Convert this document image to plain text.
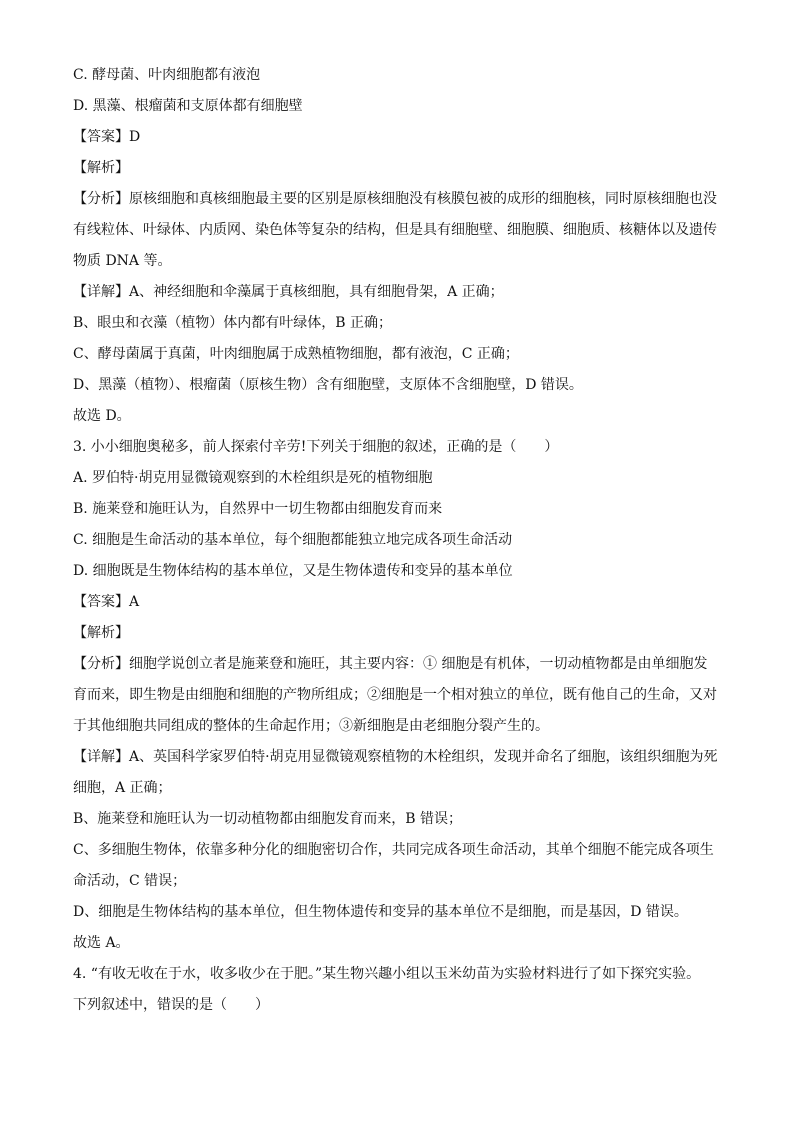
C. 酵母菌、叶肉细胞都有液泡
D. 黑藻、根瘤菌和支原体都有细胞壁
【答案】D
【解析】
【分析】原核细胞和真核细胞最主要的区别是原核细胞没有核膜包被的成形的细胞核，同时原核细胞也没
有线粒体、叶绿体、内质网、染色体等复杂的结构，但是具有细胞壁、细胞膜、细胞质、核糖体以及遗传
物质 DNA 等。
【详解】A、神经细胞和伞藻属于真核细胞，具有细胞骨架，A 正确；
B、眼虫和衣藻（植物）体内都有叶绿体，B 正确；
C、酵母菌属于真菌，叶肉细胞属于成熟植物细胞，都有液泡，C 正确；
D、黑藻（植物）、根瘤菌（原核生物）含有细胞壁，支原体不含细胞壁，D 错误。
故选 D。
3. 小小细胞奥秘多，前人探索付辛劳!下列关于细胞的叙述，正确的是（　　）
A. 罗伯特·胡克用显微镜观察到的木栓组织是死的植物细胞
B. 施莱登和施旺认为，自然界中一切生物都由细胞发育而来
C. 细胞是生命活动的基本单位，每个细胞都能独立地完成各项生命活动
D. 细胞既是生物体结构的基本单位，又是生物体遗传和变异的基本单位
【答案】A
【解析】
【分析】细胞学说创立者是施莱登和施旺，其主要内容：① 细胞是有机体，一切动植物都是由单细胞发
育而来，即生物是由细胞和细胞的产物所组成；②细胞是一个相对独立的单位，既有他自己的生命，又对
于其他细胞共同组成的整体的生命起作用；③新细胞是由老细胞分裂产生的。
【详解】A、英国科学家罗伯特·胡克用显微镜观察植物的木栓组织，发现并命名了细胞，该组织细胞为死
细胞，A 正确；
B、施莱登和施旺认为一切动植物都由细胞发育而来，B 错误；
C、多细胞生物体，依靠多种分化的细胞密切合作，共同完成各项生命活动，其单个细胞不能完成各项生
命活动，C 错误；
D、细胞是生物体结构的基本单位，但生物体遗传和变异的基本单位不是细胞，而是基因，D 错误。
故选 A。
4. “有收无收在于水，收多收少在于肥。”某生物兴趣小组以玉米幼苗为实验材料进行了如下探究实验。
下列叙述中，错误的是（　　）
